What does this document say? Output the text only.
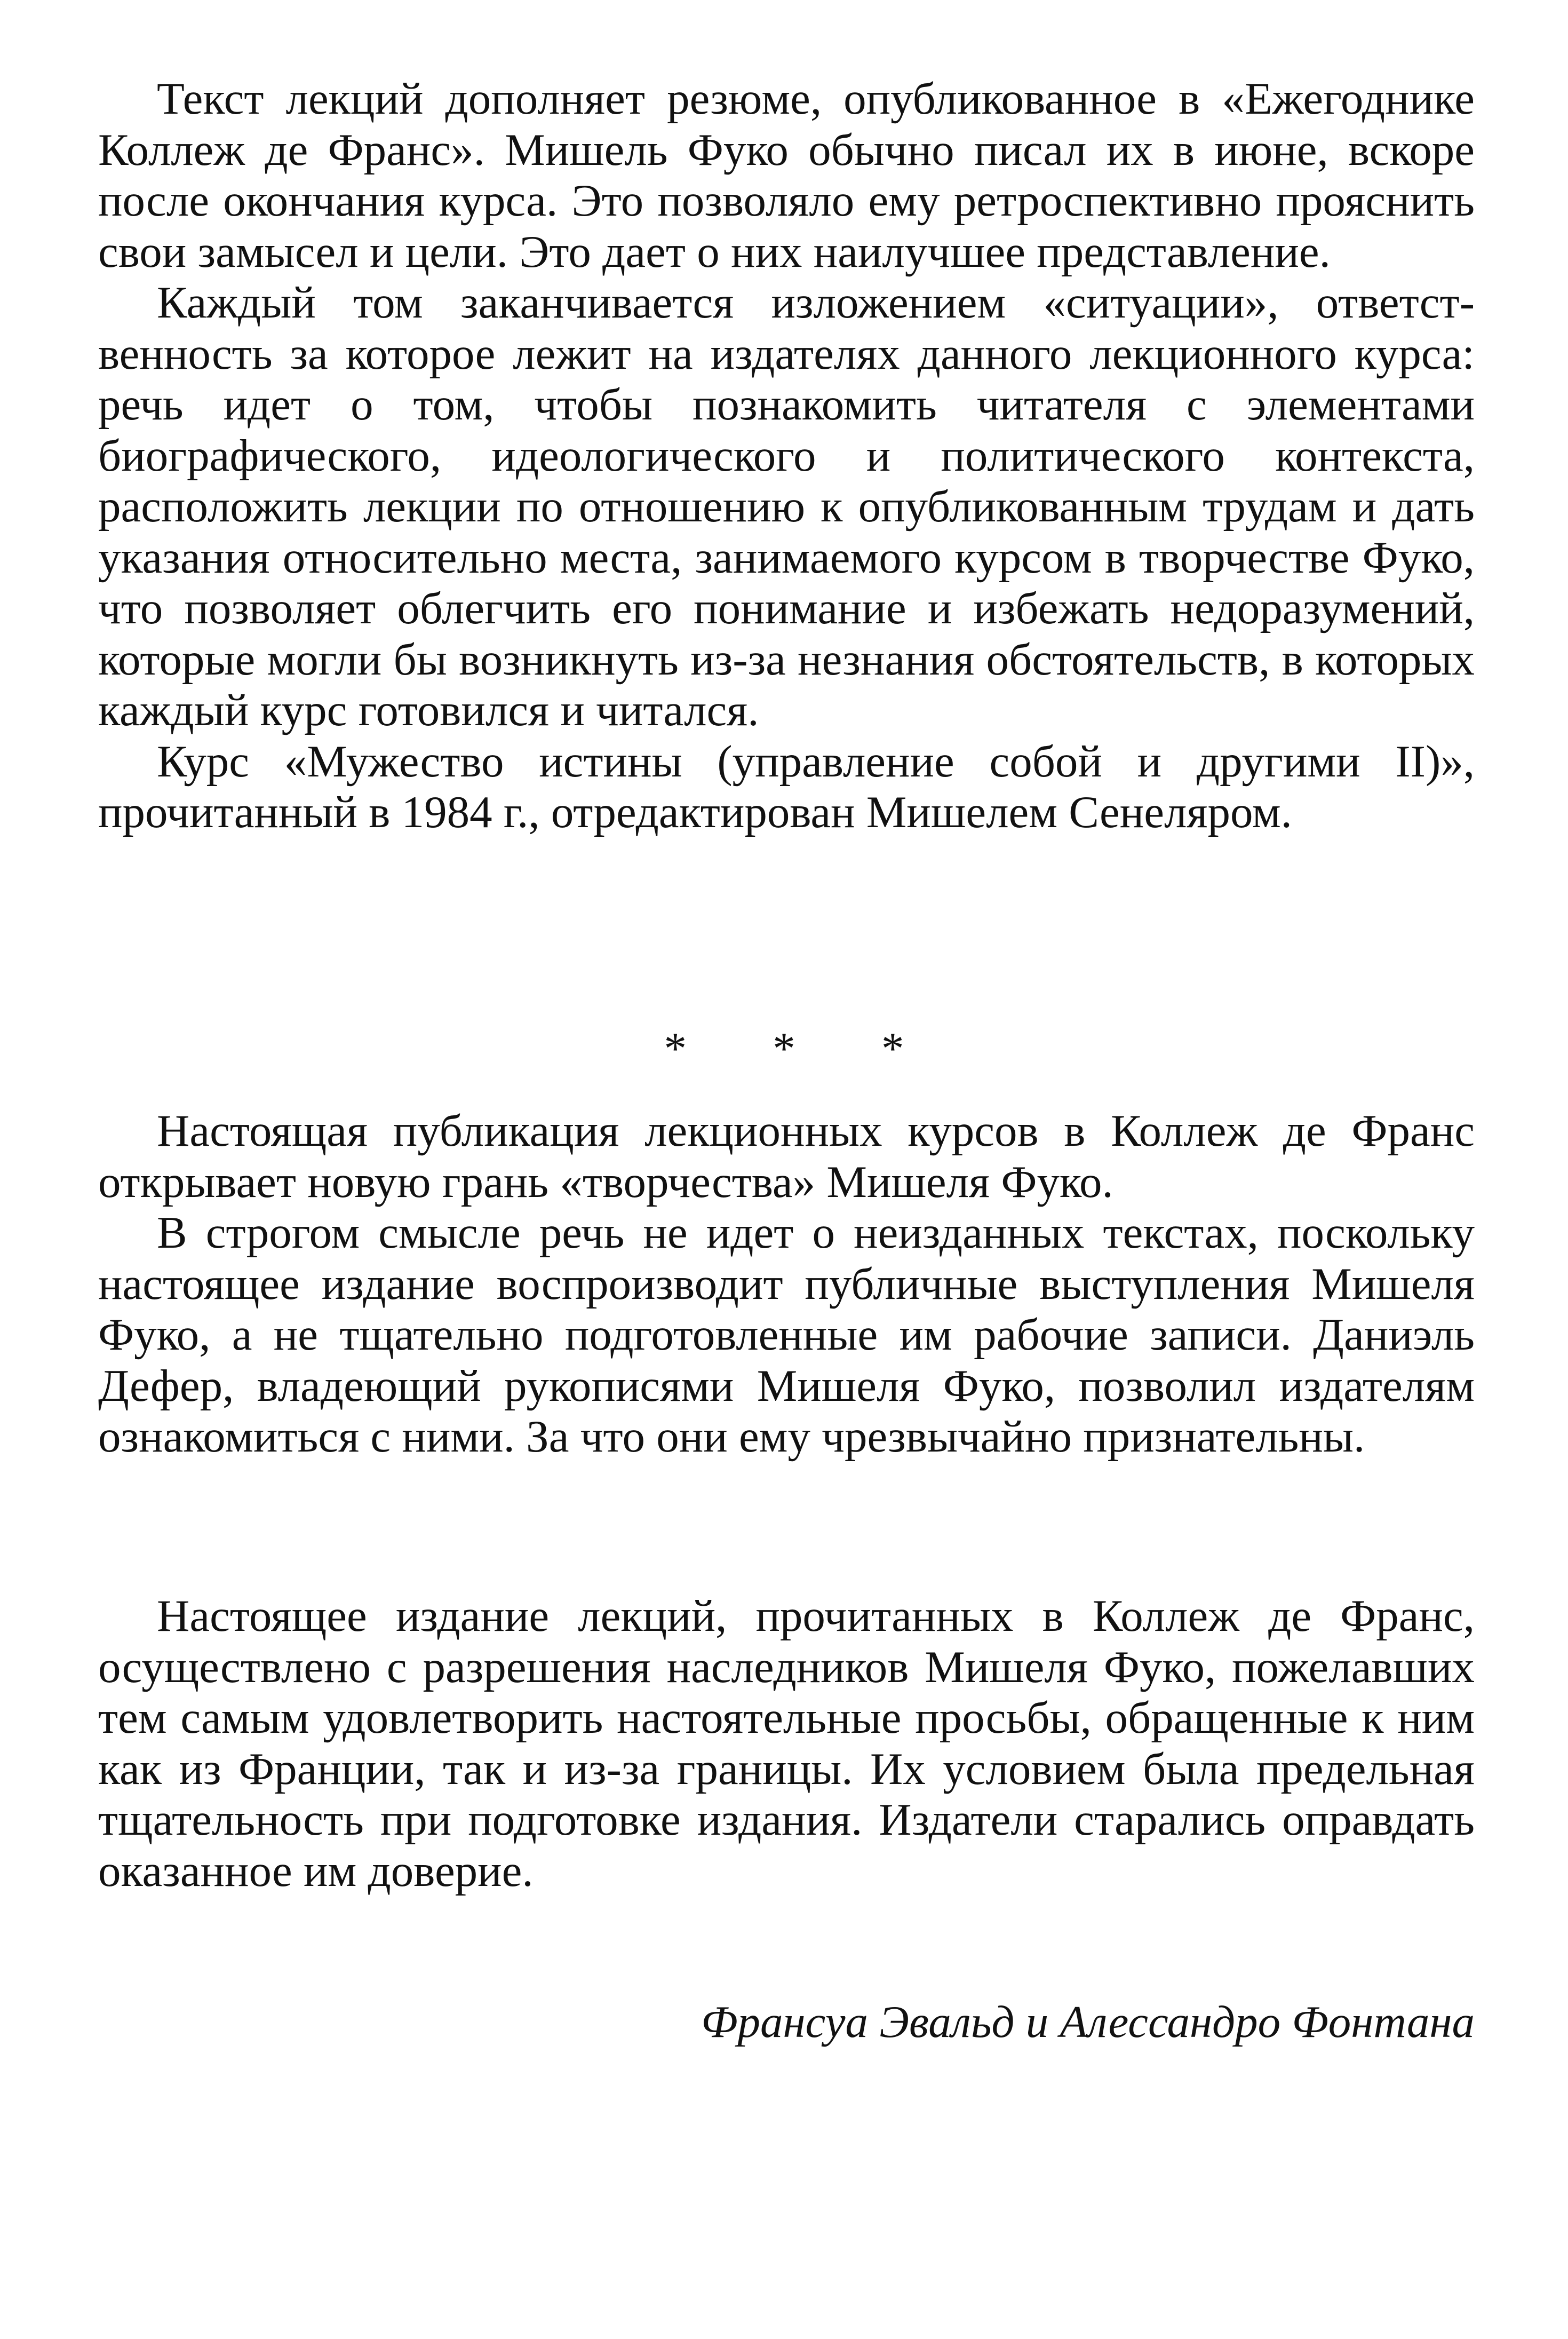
Текст лекций дополняет резюме, опубликованное в «Ежегоднике Коллеж де Франс». Мишель Фуко обычно писал их в июне, вскоре после окончания курса. Это позволяло ему ретроспективно прояснить свои замысел и цели. Это дает о них наилучшее представление.

Каждый том заканчивается изложением «ситуации», ответственность за которое лежит на издателях данного лекционного курса: речь идет о том, чтобы познакомить читателя с элементами биографического, идеологического и политического контекста, расположить лекции по отношению к опубликованным трудам и дать указания относительно места, занимаемого курсом в творчестве Фуко, что позволяет облегчить его понимание и избежать недоразумений, которые могли бы возникнуть из-за незнания обстоятельств, в которых каждый курс готовился и читался.

Курс «Мужество истины (управление собой и другими II)», прочитанный в 1984 г., отредактирован Мишелем Сенеляром.

* * *

Настоящая публикация лекционных курсов в Коллеж де Франс открывает новую грань «творчества» Мишеля Фуко.

В строгом смысле речь не идет о неизданных текстах, поскольку настоящее издание воспроизводит публичные выступления Мишеля Фуко, а не тщательно подготовленные им рабочие записи. Даниэль Дефер, владеющий рукописями Мишеля Фуко, позволил издателям ознакомиться с ними. За что они ему чрезвычайно признательны.

Настоящее издание лекций, прочитанных в Коллеж де Франс, осуществлено с разрешения наследников Мишеля Фуко, пожелавших тем самым удовлетворить настоятельные просьбы, обращенные к ним как из Франции, так и из-за границы. Их условием была предельная тщательность при подготовке издания. Издатели старались оправдать оказанное им доверие.

Франсуа Эвальд и Алессандро Фонтана
